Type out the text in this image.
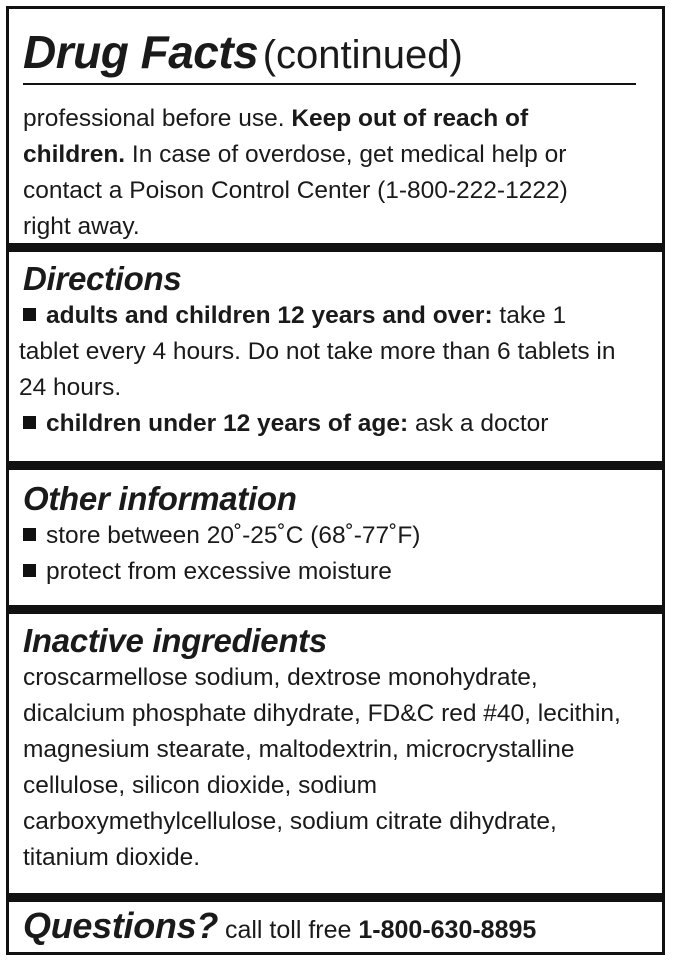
Drug Facts (continued)
professional before use. Keep out of reach of
children. In case of overdose, get medical help or
contact a Poison Control Center (1-800-222-1222)
right away.
Directions
adults and children 12 years and over: take 1
tablet every 4 hours. Do not take more than 6 tablets in
24 hours.
children under 12 years of age: ask a doctor
Other information
store between 20˚-25˚C (68˚-77˚F)
protect from excessive moisture
Inactive ingredients
croscarmellose sodium, dextrose monohydrate,
dicalcium phosphate dihydrate, FD&C red #40, lecithin,
magnesium stearate, maltodextrin, microcrystalline
cellulose, silicon dioxide, sodium
carboxymethylcellulose, sodium citrate dihydrate,
titanium dioxide.
Questions? call toll free 1-800-630-8895
